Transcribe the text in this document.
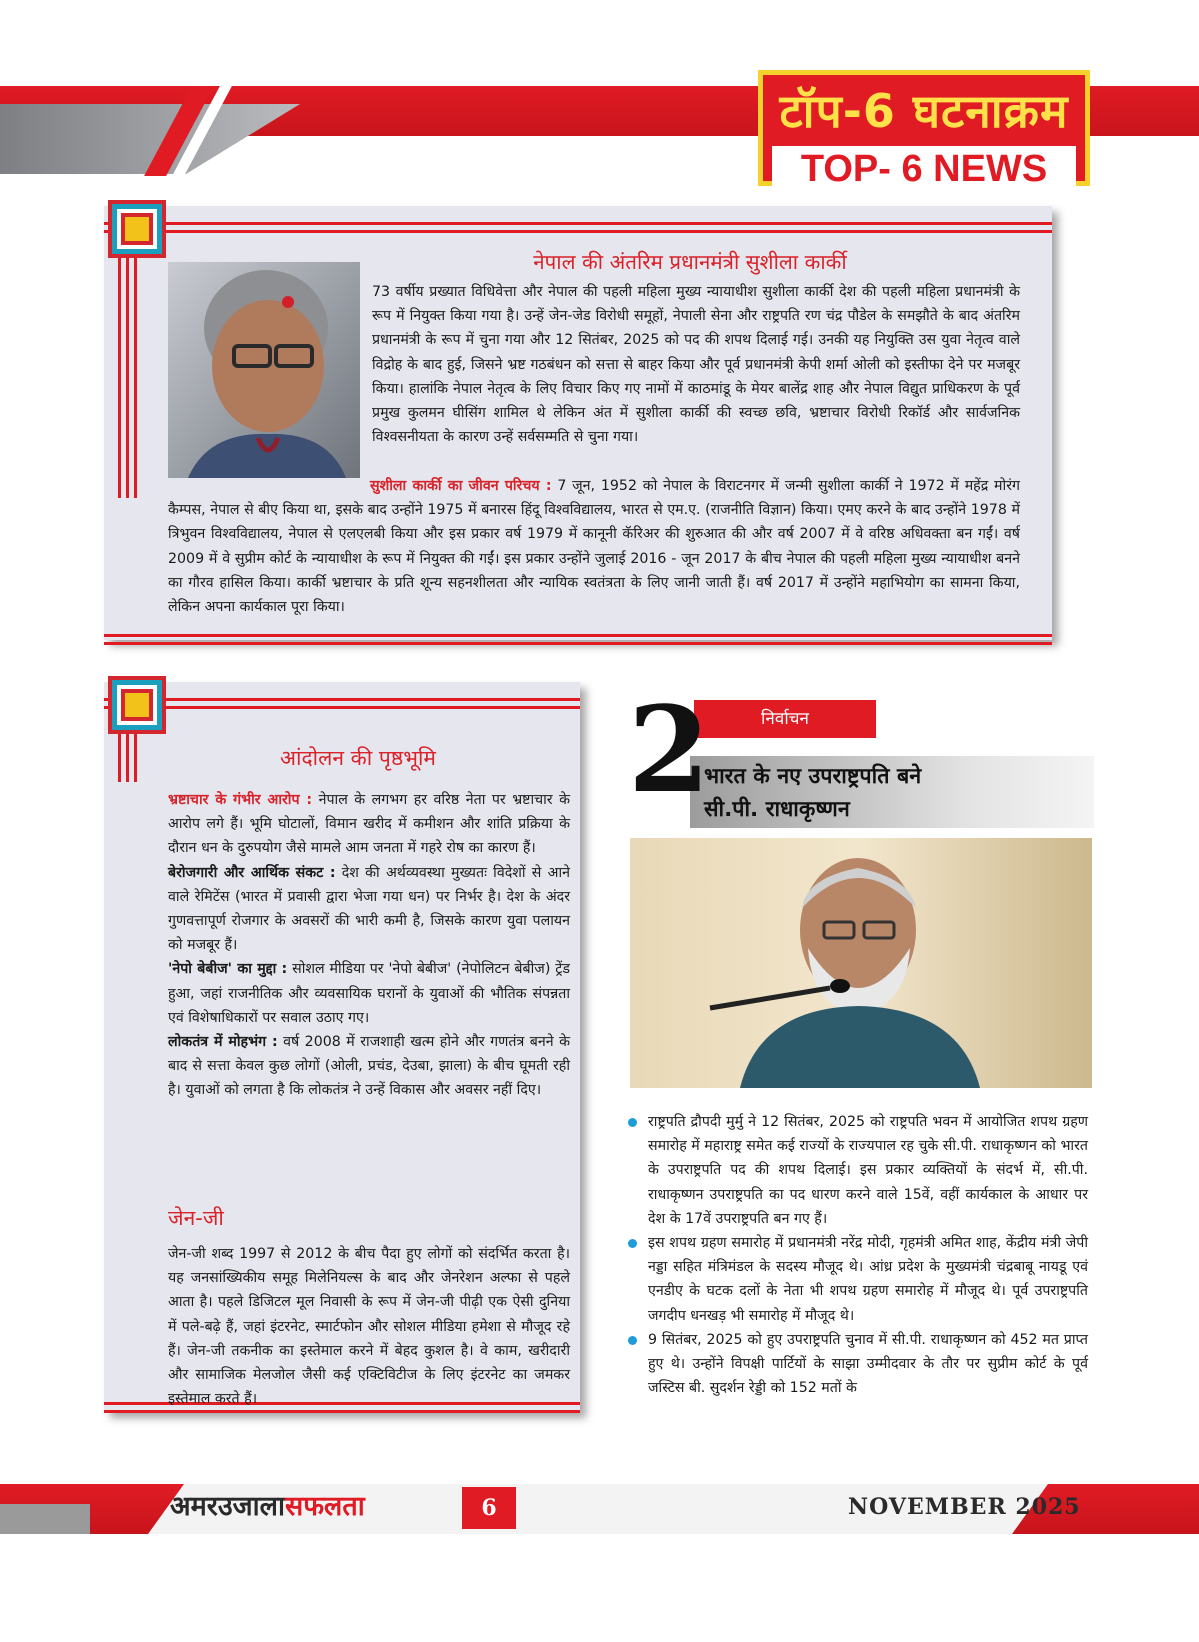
टॉप-6 घटनाक्रम
TOP- 6 NEWS
नेपाल की अंतरिम प्रधानमंत्री सुशीला कार्की
73 वर्षीय प्रख्यात विधिवेत्ता और नेपाल की पहली महिला मुख्य न्यायाधीश सुशीला कार्की देश की पहली महिला प्रधानमंत्री के रूप में नियुक्त किया गया है। उन्हें जेन-जेड विरोधी समूहों, नेपाली सेना और राष्ट्रपति रण चंद्र पौडेल के समझौते के बाद अंतरिम प्रधानमंत्री के रूप में चुना गया और 12 सितंबर, 2025 को पद की शपथ दिलाई गई। उनकी यह नियुक्ति उस युवा नेतृत्व वाले विद्रोह के बाद हुई, जिसने भ्रष्ट गठबंधन को सत्ता से बाहर किया और पूर्व प्रधानमंत्री केपी शर्मा ओली को इस्तीफा देने पर मजबूर किया। हालांकि नेपाल नेतृत्व के लिए विचार किए गए नामों में काठमांडू के मेयर बालेंद्र शाह और नेपाल विद्युत प्राधिकरण के पूर्व प्रमुख कुलमन घीसिंग शामिल थे लेकिन अंत में सुशीला कार्की की स्वच्छ छवि, भ्रष्टाचार विरोधी रिकॉर्ड और सार्वजनिक विश्वसनीयता के कारण उन्हें सर्वसम्मति से चुना गया।
सुशीला कार्की का जीवन परिचय : 7 जून, 1952 को नेपाल के विराटनगर में जन्मी सुशीला कार्की ने 1972 में महेंद्र मोरंग कैम्पस, नेपाल से बीए किया था, इसके बाद उन्होंने 1975 में बनारस हिंदू विश्वविद्यालय, भारत से एम.ए. (राजनीति विज्ञान) किया। एमए करने के बाद उन्होंने 1978 में त्रिभुवन विश्वविद्यालय, नेपाल से एलएलबी किया और इस प्रकार वर्ष 1979 में कानूनी कॅरिअर की शुरुआत की और वर्ष 2007 में वे वरिष्ठ अधिवक्ता बन गईं। वर्ष 2009 में वे सुप्रीम कोर्ट के न्यायाधीश के रूप में नियुक्त की गईं। इस प्रकार उन्होंने जुलाई 2016 - जून 2017 के बीच नेपाल की पहली महिला मुख्य न्यायाधीश बनने का गौरव हासिल किया। कार्की भ्रष्टाचार के प्रति शून्य सहनशीलता और न्यायिक स्वतंत्रता के लिए जानी जाती हैं। वर्ष 2017 में उन्होंने महाभियोग का सामना किया, लेकिन अपना कार्यकाल पूरा किया।
आंदोलन की पृष्ठभूमि
भ्रष्टाचार के गंभीर आरोप : नेपाल के लगभग हर वरिष्ठ नेता पर भ्रष्टाचार के आरोप लगे हैं। भूमि घोटालों, विमान खरीद में कमीशन और शांति प्रक्रिया के दौरान धन के दुरुपयोग जैसे मामले आम जनता में गहरे रोष का कारण हैं।
बेरोजगारी और आर्थिक संकट : देश की अर्थव्यवस्था मुख्यतः विदेशों से आने वाले रेमिटेंस (भारत में प्रवासी द्वारा भेजा गया धन) पर निर्भर है। देश के अंदर गुणवत्तापूर्ण रोजगार के अवसरों की भारी कमी है, जिसके कारण युवा पलायन को मजबूर हैं।
'नेपो बेबीज' का मुद्दा : सोशल मीडिया पर 'नेपो बेबीज' (नेपोलिटन बेबीज) ट्रेंड हुआ, जहां राजनीतिक और व्यवसायिक घरानों के युवाओं की भौतिक संपन्नता एवं विशेषाधिकारों पर सवाल उठाए गए।
लोकतंत्र में मोहभंग : वर्ष 2008 में राजशाही खत्म होने और गणतंत्र बनने के बाद से सत्ता केवल कुछ लोगों (ओली, प्रचंड, देउबा, झाला) के बीच घूमती रही है। युवाओं को लगता है कि लोकतंत्र ने उन्हें विकास और अवसर नहीं दिए।
जेन-जी
जेन-जी शब्द 1997 से 2012 के बीच पैदा हुए लोगों को संदर्भित करता है। यह जनसांख्यिकीय समूह मिलेनियल्स के बाद और जेनरेशन अल्फा से पहले आता है। पहले डिजिटल मूल निवासी के रूप में जेन-जी पीढ़ी एक ऐसी दुनिया में पले-बढ़े हैं, जहां इंटरनेट, स्मार्टफोन और सोशल मीडिया हमेशा से मौजूद रहे हैं। जेन-जी तकनीक का इस्तेमाल करने में बेहद कुशल है। वे काम, खरीदारी और सामाजिक मेलजोल जैसी कई एक्टिविटीज के लिए इंटरनेट का जमकर इस्तेमाल करते हैं।
निर्वाचन
2
भारत के नए उपराष्ट्रपति बने
सी.पी. राधाकृष्णन
राष्ट्रपति द्रौपदी मुर्मु ने 12 सितंबर, 2025 को राष्ट्रपति भवन में आयोजित शपथ ग्रहण समारोह में महाराष्ट्र समेत कई राज्यों के राज्यपाल रह चुके सी.पी. राधाकृष्णन को भारत के उपराष्ट्रपति पद की शपथ दिलाई। इस प्रकार व्यक्तियों के संदर्भ में, सी.पी. राधाकृष्णन उपराष्ट्रपति का पद धारण करने वाले 15वें, वहीं कार्यकाल के आधार पर देश के 17वें उपराष्ट्रपति बन गए हैं।
इस शपथ ग्रहण समारोह में प्रधानमंत्री नरेंद्र मोदी, गृहमंत्री अमित शाह, केंद्रीय मंत्री जेपी नड्डा सहित मंत्रिमंडल के सदस्य मौजूद थे। आंध्र प्रदेश के मुख्यमंत्री चंद्रबाबू नायडू एवं एनडीए के घटक दलों के नेता भी शपथ ग्रहण समारोह में मौजूद थे। पूर्व उपराष्ट्रपति जगदीप धनखड़ भी समारोह में मौजूद थे।
9 सितंबर, 2025 को हुए उपराष्ट्रपति चुनाव में सी.पी. राधाकृष्णन को 452 मत प्राप्त हुए थे। उन्होंने विपक्षी पार्टियों के साझा उम्मीदवार के तौर पर सुप्रीम कोर्ट के पूर्व जस्टिस बी. सुदर्शन रेड्डी को 152 मतों के
अमरउजालासफलता	6	NOVEMBER 2025
